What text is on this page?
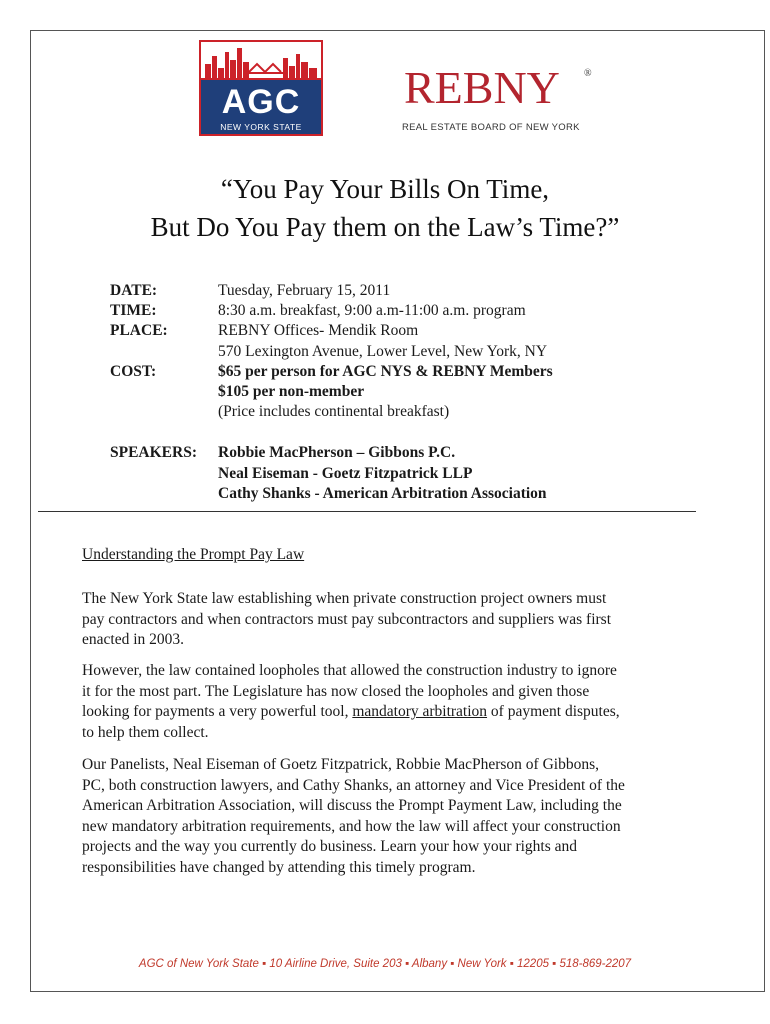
AGC
NEW YORK STATE
REBNY ®
REAL ESTATE BOARD OF NEW YORK
“You Pay Your Bills On Time,
But Do You Pay them on the Law’s Time?”
DATE:	Tuesday, February 15, 2011
TIME:	8:30 a.m. breakfast, 9:00 a.m-11:00 a.m. program
PLACE:	REBNY Offices- Mendik Room
570 Lexington Avenue, Lower Level, New York, NY
COST:	$65 per person for AGC NYS & REBNY Members
$105 per non-member
(Price includes continental breakfast)
SPEAKERS: Robbie MacPherson – Gibbons P.C.
Neal Eiseman - Goetz Fitzpatrick LLP
Cathy Shanks - American Arbitration Association
Understanding the Prompt Pay Law
The New York State law establishing when private construction project owners must
pay contractors and when contractors must pay subcontractors and suppliers was first
enacted in 2003.
However, the law contained loopholes that allowed the construction industry to ignore
it for the most part. The Legislature has now closed the loopholes and given those
looking for payments a very powerful tool, mandatory arbitration of payment disputes,
to help them collect.
Our Panelists, Neal Eiseman of Goetz Fitzpatrick, Robbie MacPherson of Gibbons,
PC, both construction lawyers, and Cathy Shanks, an attorney and Vice President of the
American Arbitration Association, will discuss the Prompt Payment Law, including the
new mandatory arbitration requirements, and how the law will affect your construction
projects and the way you currently do business. Learn your how your rights and
responsibilities have changed by attending this timely program.
AGC of New York State ▪ 10 Airline Drive, Suite 203 ▪ Albany ▪ New York ▪ 12205 ▪ 518-869-2207
